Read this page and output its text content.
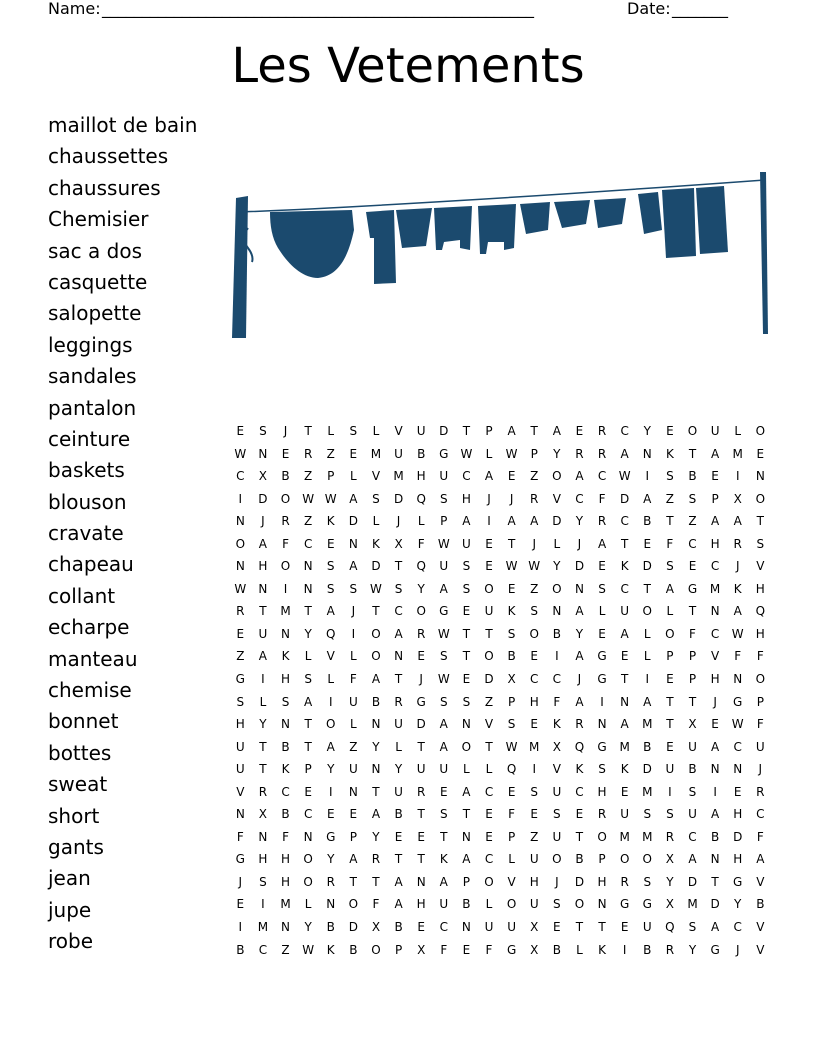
Name: ______________________________________________________	Date: _______
Les Vetements
maillot de bain
chaussettes
chaussures
Chemisier
sac a dos
casquette
salopette
leggings
sandales
pantalon
ceinture
baskets
blouson
cravate
chapeau
collant
echarpe
manteau
chemise
bonnet
bottes
sweat
short
gants
jean
jupe
robe
E S J T L S L V U D T P A T A E R C Y E O U L O
W N E R Z E M U B G W L W P Y R R A N K T A M E
C X B Z P L V M H U C A E Z O A C W I S B E I N
I D O W W A S D Q S H J J R V C F D A Z S P X O
N J R Z K D L J L P A I A A D Y R C B T Z A A T
O A F C E N K X F W U E T J L J A T E F C H R S
N H O N S A D T Q U S E W W Y D E K D S E C J V
W N I N S S W S Y A S O E Z O N S C T A G M K H
R T M T A J T C O G E U K S N A L U O L T N A Q
E U N Y Q I O A R W T T S O B Y E A L O F C W H
Z A K L V L O N E S T O B E I A G E L P P V F F
G I H S L F A T J W E D X C C J G T I E P H N O
S L S A I U B R G S S Z P H F A I N A T T J G P
H Y N T O L N U D A N V S E K R N A M T X E W F
U T B T A Z Y L T A O T W M X Q G M B E U A C U
U T K P Y U N Y U U L L Q I V K S K D U B N N J
V R C E I N T U R E A C E S U C H E M I S I E R
N X B C E E A B T S T E F E S E R U S S U A H C
F N F N G P Y E E T N E P Z U T O M M R C B D F
G H H O Y A R T T K A C L U O B P O O X A N H A
J S H O R T T A N A P O V H J D H R S Y D T G V
E I M L N O F A H U B L O U S O N G G X M D Y B
I M N Y B D X B E C N U U X E T T E U Q S A C V
B C Z W K B O P X F E F G X B L K I B R Y G J V
